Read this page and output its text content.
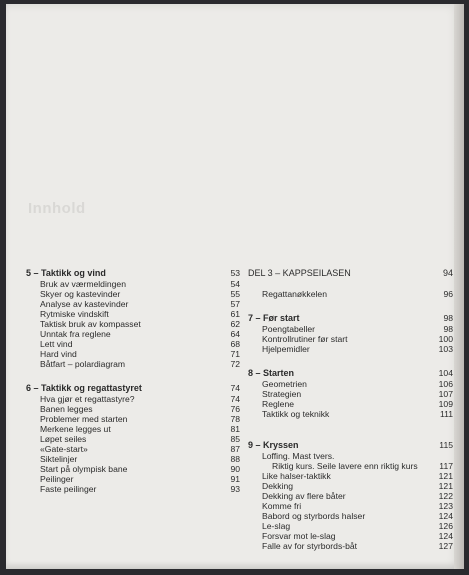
Innhold
5 – Taktikk og vind	53
Bruk av værmeldingen	54
Skyer og kastevinder	55
Analyse av kastevinder	57
Rytmiske vindskift	61
Taktisk bruk av kompasset	62
Unntak fra reglene	64
Lett vind	68
Hard vind	71
Båtfart – polardiagram	72
6 – Taktikk og regattastyret	74
Hva gjør et regattastyre?	74
Banen legges	76
Problemer med starten	78
Merkene legges ut	81
Løpet seiles	85
«Gate-start»	87
Siktelinjer	88
Start på olympisk bane	90
Peilinger	91
Faste peilinger	93
DEL 3 – KAPPSEILASEN	94
Regattanøkkelen	96
7 – Før start	98
Poengtabeller	98
Kontrollrutiner før start	100
Hjelpemidler	103
8 – Starten	104
Geometrien	106
Strategien	107
Reglene	109
Taktikk og teknikk	111
9 – Kryssen	115
Loffing. Mast tvers.
Riktig kurs. Seile lavere enn riktig kurs	117
Like halser-taktikk	121
Dekking	121
Dekking av flere båter	122
Komme fri	123
Babord og styrbords halser	124
Le-slag	126
Forsvar mot le-slag	124
Falle av for styrbords-båt	127
